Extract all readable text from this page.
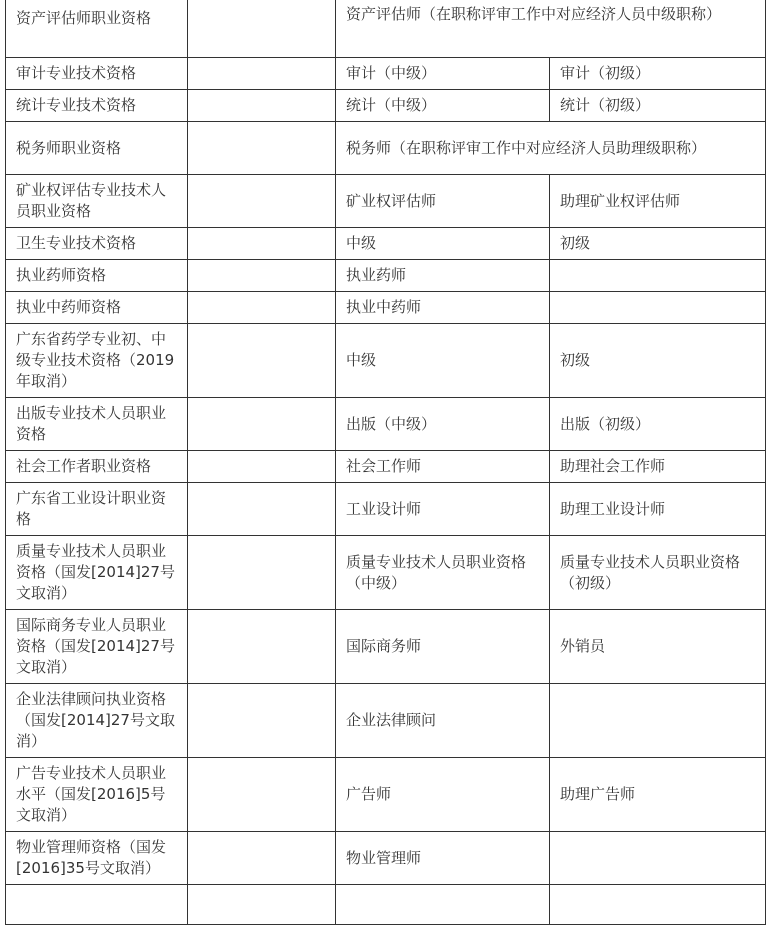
资产评估师职业资格		资产评估师（在职称评审工作中对应经济人员中级职称）	
审计专业技术资格		审计（中级）	审计（初级）
统计专业技术资格		统计（中级）	统计（初级）
税务师职业资格		税务师（在职称评审工作中对应经济人员助理级职称）	
矿业权评估专业技术人员职业资格		矿业权评估师	助理矿业权评估师
卫生专业技术资格		中级	初级
执业药师资格		执业药师	
执业中药师资格		执业中药师	
广东省药学专业初、中级专业技术资格（2019年取消）		中级	初级
出版专业技术人员职业资格		出版（中级）	出版（初级）
社会工作者职业资格		社会工作师	助理社会工作师
广东省工业设计职业资格		工业设计师	助理工业设计师
质量专业技术人员职业资格（国发[2014]27号文取消）		质量专业技术人员职业资格（中级）	质量专业技术人员职业资格（初级）
国际商务专业人员职业资格（国发[2014]27号文取消）		国际商务师	外销员
企业法律顾问执业资格（国发[2014]27号文取消）		企业法律顾问	
广告专业技术人员职业水平（国发[2016]5号文取消）		广告师	助理广告师
物业管理师资格（国发[2016]35号文取消）		物业管理师	
